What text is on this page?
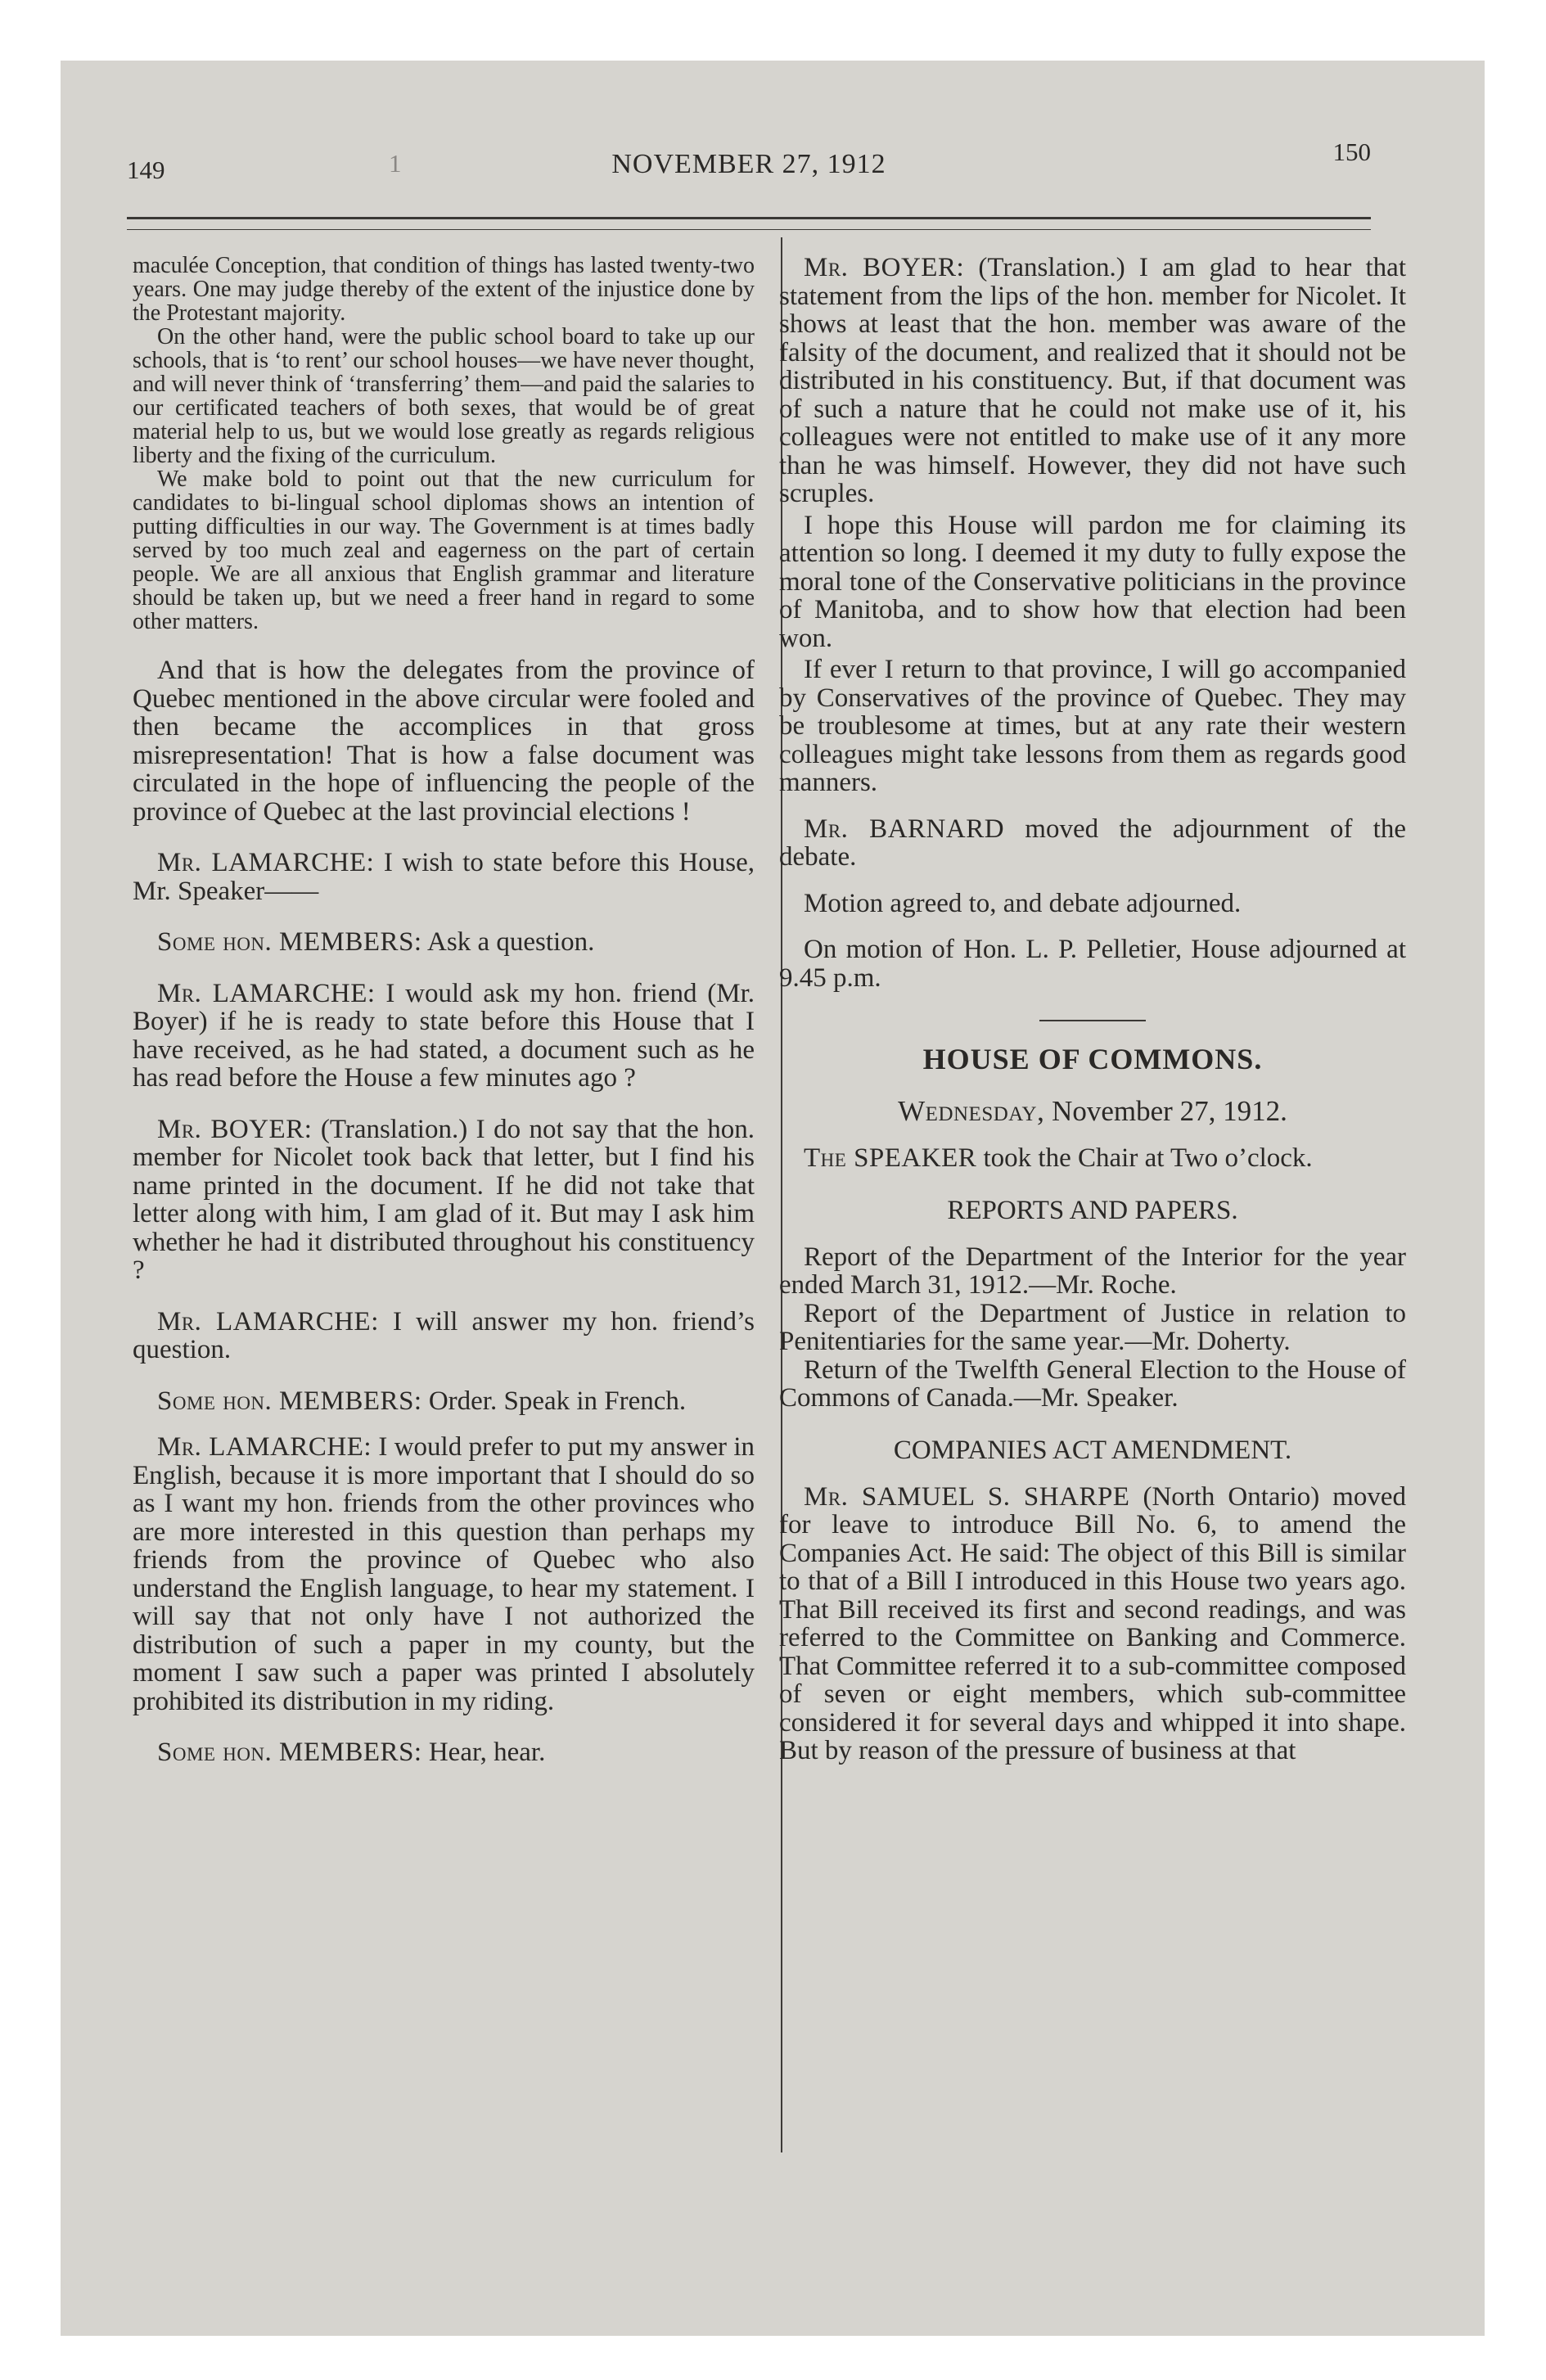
149	1	NOVEMBER 27, 1912	150

maculée Conception, that condition of things has lasted twenty-two years. One may judge thereby of the extent of the injustice done by the Protestant majority.

On the other hand, were the public school board to take up our schools, that is ‘to rent’ our school houses—we have never thought, and will never think of ‘transferring’ them—and paid the salaries to our certificated teachers of both sexes, that would be of great material help to us, but we would lose greatly as regards religious liberty and the fixing of the curriculum.

We make bold to point out that the new curriculum for candidates to bi-lingual school diplomas shows an intention of putting difficulties in our way. The Government is at times badly served by too much zeal and eagerness on the part of certain people. We are all anxious that English grammar and literature should be taken up, but we need a freer hand in regard to some other matters.

And that is how the delegates from the province of Quebec mentioned in the above circular were fooled and then became the accomplices in that gross misrepresentation! That is how a false document was circulated in the hope of influencing the people of the province of Quebec at the last provincial elections !

Mr. LAMARCHE: I wish to state before this House, Mr. Speaker——

Some hon. MEMBERS: Ask a question.

Mr. LAMARCHE: I would ask my hon. friend (Mr. Boyer) if he is ready to state before this House that I have received, as he had stated, a document such as he has read before the House a few minutes ago ?

Mr. BOYER: (Translation.) I do not say that the hon. member for Nicolet took back that letter, but I find his name printed in the document. If he did not take that letter along with him, I am glad of it. But may I ask him whether he had it distributed throughout his constituency ?

Mr. LAMARCHE: I will answer my hon. friend’s question.

Some hon. MEMBERS: Order. Speak in French.

Mr. LAMARCHE: I would prefer to put my answer in English, because it is more important that I should do so as I want my hon. friends from the other provinces who are more interested in this question than perhaps my friends from the province of Quebec who also understand the English language, to hear my statement. I will say that not only have I not authorized the distribution of such a paper in my county, but the moment I saw such a paper was printed I absolutely prohibited its distribution in my riding.

Some hon. MEMBERS: Hear, hear.

Mr. BOYER: (Translation.) I am glad to hear that statement from the lips of the hon. member for Nicolet. It shows at least that the hon. member was aware of the falsity of the document, and realized that it should not be distributed in his constituency. But, if that document was of such a nature that he could not make use of it, his colleagues were not entitled to make use of it any more than he was himself. However, they did not have such scruples.

I hope this House will pardon me for claiming its attention so long. I deemed it my duty to fully expose the moral tone of the Conservative politicians in the province of Manitoba, and to show how that election had been won.

If ever I return to that province, I will go accompanied by Conservatives of the province of Quebec. They may be troublesome at times, but at any rate their western colleagues might take lessons from them as regards good manners.

Mr. BARNARD moved the adjournment of the debate.

Motion agreed to, and debate adjourned.

On motion of Hon. L. P. Pelletier, House adjourned at 9.45 p.m.

HOUSE OF COMMONS.

Wednesday, November 27, 1912.

The SPEAKER took the Chair at Two o’clock.

REPORTS AND PAPERS.

Report of the Department of the Interior for the year ended March 31, 1912.—Mr. Roche.

Report of the Department of Justice in relation to Penitentiaries for the same year.—Mr. Doherty.

Return of the Twelfth General Election to the House of Commons of Canada.—Mr. Speaker.

COMPANIES ACT AMENDMENT.

Mr. SAMUEL S. SHARPE (North Ontario) moved for leave to introduce Bill No. 6, to amend the Companies Act. He said: The object of this Bill is similar to that of a Bill I introduced in this House two years ago. That Bill received its first and second readings, and was referred to the Committee on Banking and Commerce. That Committee referred it to a sub-committee composed of seven or eight members, which sub-committee considered it for several days and whipped it into shape. But by reason of the pressure of business at that
